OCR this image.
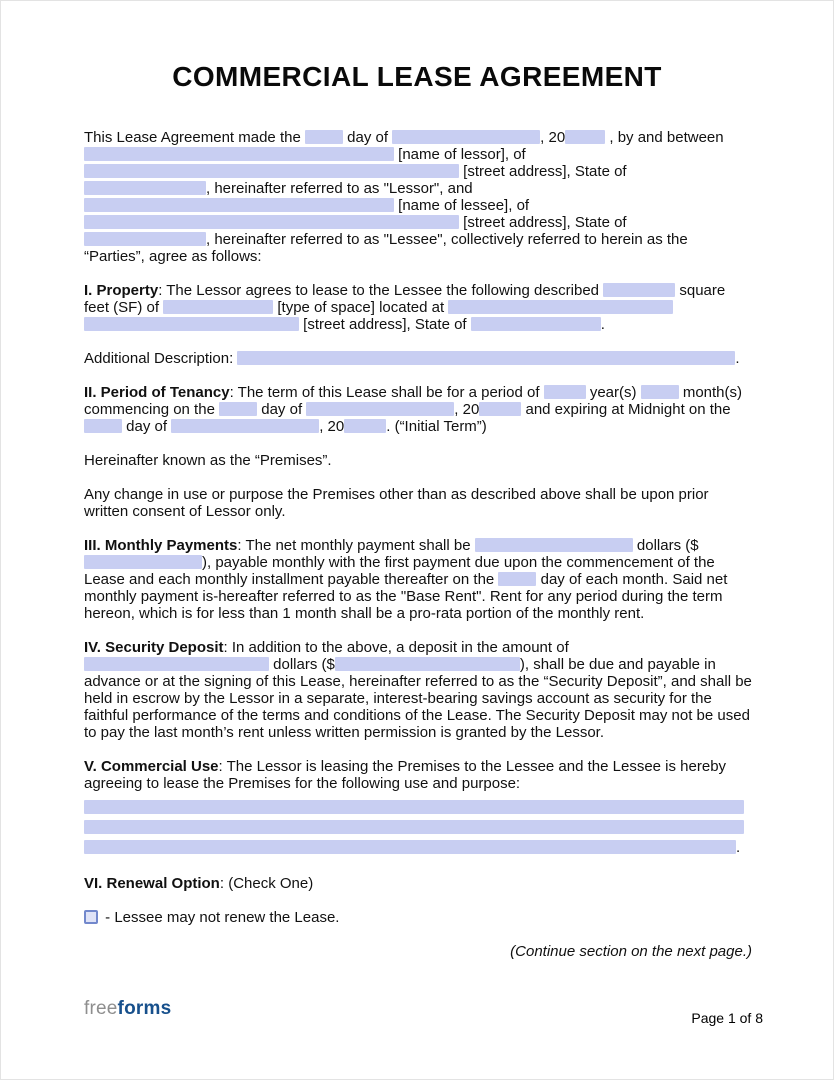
COMMERCIAL LEASE AGREEMENT

This Lease Agreement made the	day of	, 20	, by and between
[name of lessor], of
[street address], State of
, hereinafter referred to as "Lessor", and
[name of lessee], of
[street address], State of
, hereinafter referred to as "Lessee", collectively referred to herein as the “Parties”, agree as follows:

I. Property: The Lessor agrees to lease to the Lessee the following described	square
feet (SF) of	[type of space] located at
[street address], State of	.

Additional Description:	.

II. Period of Tenancy: The term of this Lease shall be for a period of	year(s)	month(s) commencing on the	day of	, 20	and expiring at Midnight on the  day of	, 20	. (“Initial Term”)

Hereinafter known as the “Premises”.

Any change in use or purpose the Premises other than as described above shall be upon prior written consent of Lessor only.

III. Monthly Payments: The net monthly payment shall be	dollars ($), payable monthly with the first payment due upon the commencement of the Lease and each monthly installment payable thereafter on the	day of each month. Said net monthly payment is-hereafter referred to as the "Base Rent". Rent for any period during the term hereon, which is for less than 1 month shall be a pro-rata portion of the monthly rent.

IV. Security Deposit: In addition to the above, a deposit in the amount of
dollars ($	), shall be due and payable in advance or at the signing of this Lease, hereinafter referred to as the “Security Deposit”, and shall be held in escrow by the Lessor in a separate, interest-bearing savings account as security for the faithful performance of the terms and conditions of the Lease. The Security Deposit may not be used to pay the last month’s rent unless written permission is granted by the Lessor.

V. Commercial Use: The Lessor is leasing the Premises to the Lessee and the Lessee is hereby agreeing to lease the Premises for the following use and purpose:

.

VI. Renewal Option: (Check One)

- Lessee may not renew the Lease.

(Continue section on the next page.)

freeforms	Page 1 of 8
